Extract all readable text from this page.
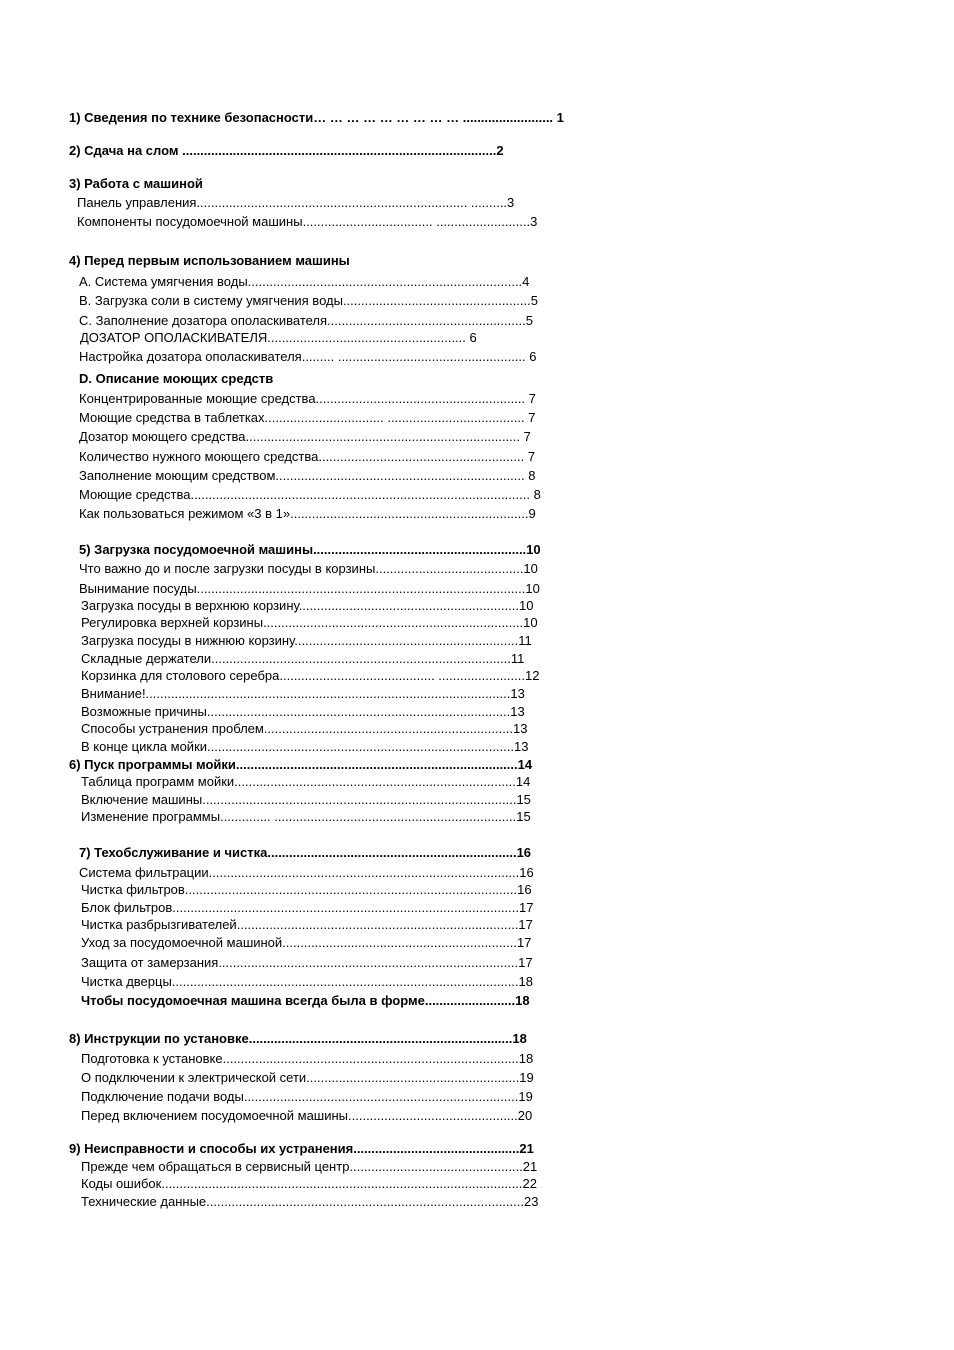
1) Сведения по технике безопасности… … … … … … … … … ......................... 1
2) Сдача на слом .......................................................................................2
3) Работа с машиной
Панель управления........................................................................... ..........3
Компоненты посудомоечной машины.................................... ..........................3
4) Перед первым использованием машины
A. Система умягчения воды............................................................................4
B. Загрузка соли в систему умягчения воды....................................................5
C. Заполнение дозатора ополаскивателя.......................................................5
ДОЗАТОР ОПОЛАСКИВАТЕЛЯ....................................................... 6
Настройка дозатора ополаскивателя......... .................................................... 6
D. Описание моющих средств
Концентрированные моющие средства.......................................................... 7
Моющие средства в таблетках................................. ...................................... 7
Дозатор моющего средства............................................................................ 7
Количество нужного моющего средства......................................................... 7
Заполнение моющим средством..................................................................... 8
Моющие средства.............................................................................................. 8
Как пользоваться режимом «3 в 1»..................................................................9
5) Загрузка посудомоечной машины...........................................................10
Что важно до и после загрузки посуды в корзины.........................................10
Вынимание посуды...........................................................................................10
Загрузка посуды в верхнюю корзину.............................................................10
Регулировка верхней корзины........................................................................10
Загрузка посуды в нижнюю корзину..............................................................11
Складные держатели...................................................................................11
Корзинка для столового серебра........................................... ........................12
Внимание!.....................................................................................................13
Возможные причины....................................................................................13
Способы устранения проблем.....................................................................13
В конце цикла мойки.....................................................................................13
6) Пуск программы мойки..............................................................................14
Таблица программ мойки..............................................................................14
Включение машины.......................................................................................15
Изменение программы.............. ...................................................................15
7) Техобслуживание и чистка.....................................................................16
Система фильтрации......................................................................................16
Чистка фильтров............................................................................................16
Блок фильтров................................................................................................17
Чистка разбрызгивателей..............................................................................17
Уход за посудомоечной машиной.................................................................17
Защита от замерзания...................................................................................17
Чистка дверцы................................................................................................18
Чтобы посудомоечная машина всегда была в форме.........................18
8) Инструкции по установке.........................................................................18
Подготовка к установке..................................................................................18
О подключении к электрической сети...........................................................19
Подключение подачи воды............................................................................19
Перед включением посудомоечной машины...............................................20
9) Неисправности и способы их устранения..............................................21
Прежде чем обращаться в сервисный центр................................................21
Коды ошибок....................................................................................................22
Технические данные........................................................................................23
